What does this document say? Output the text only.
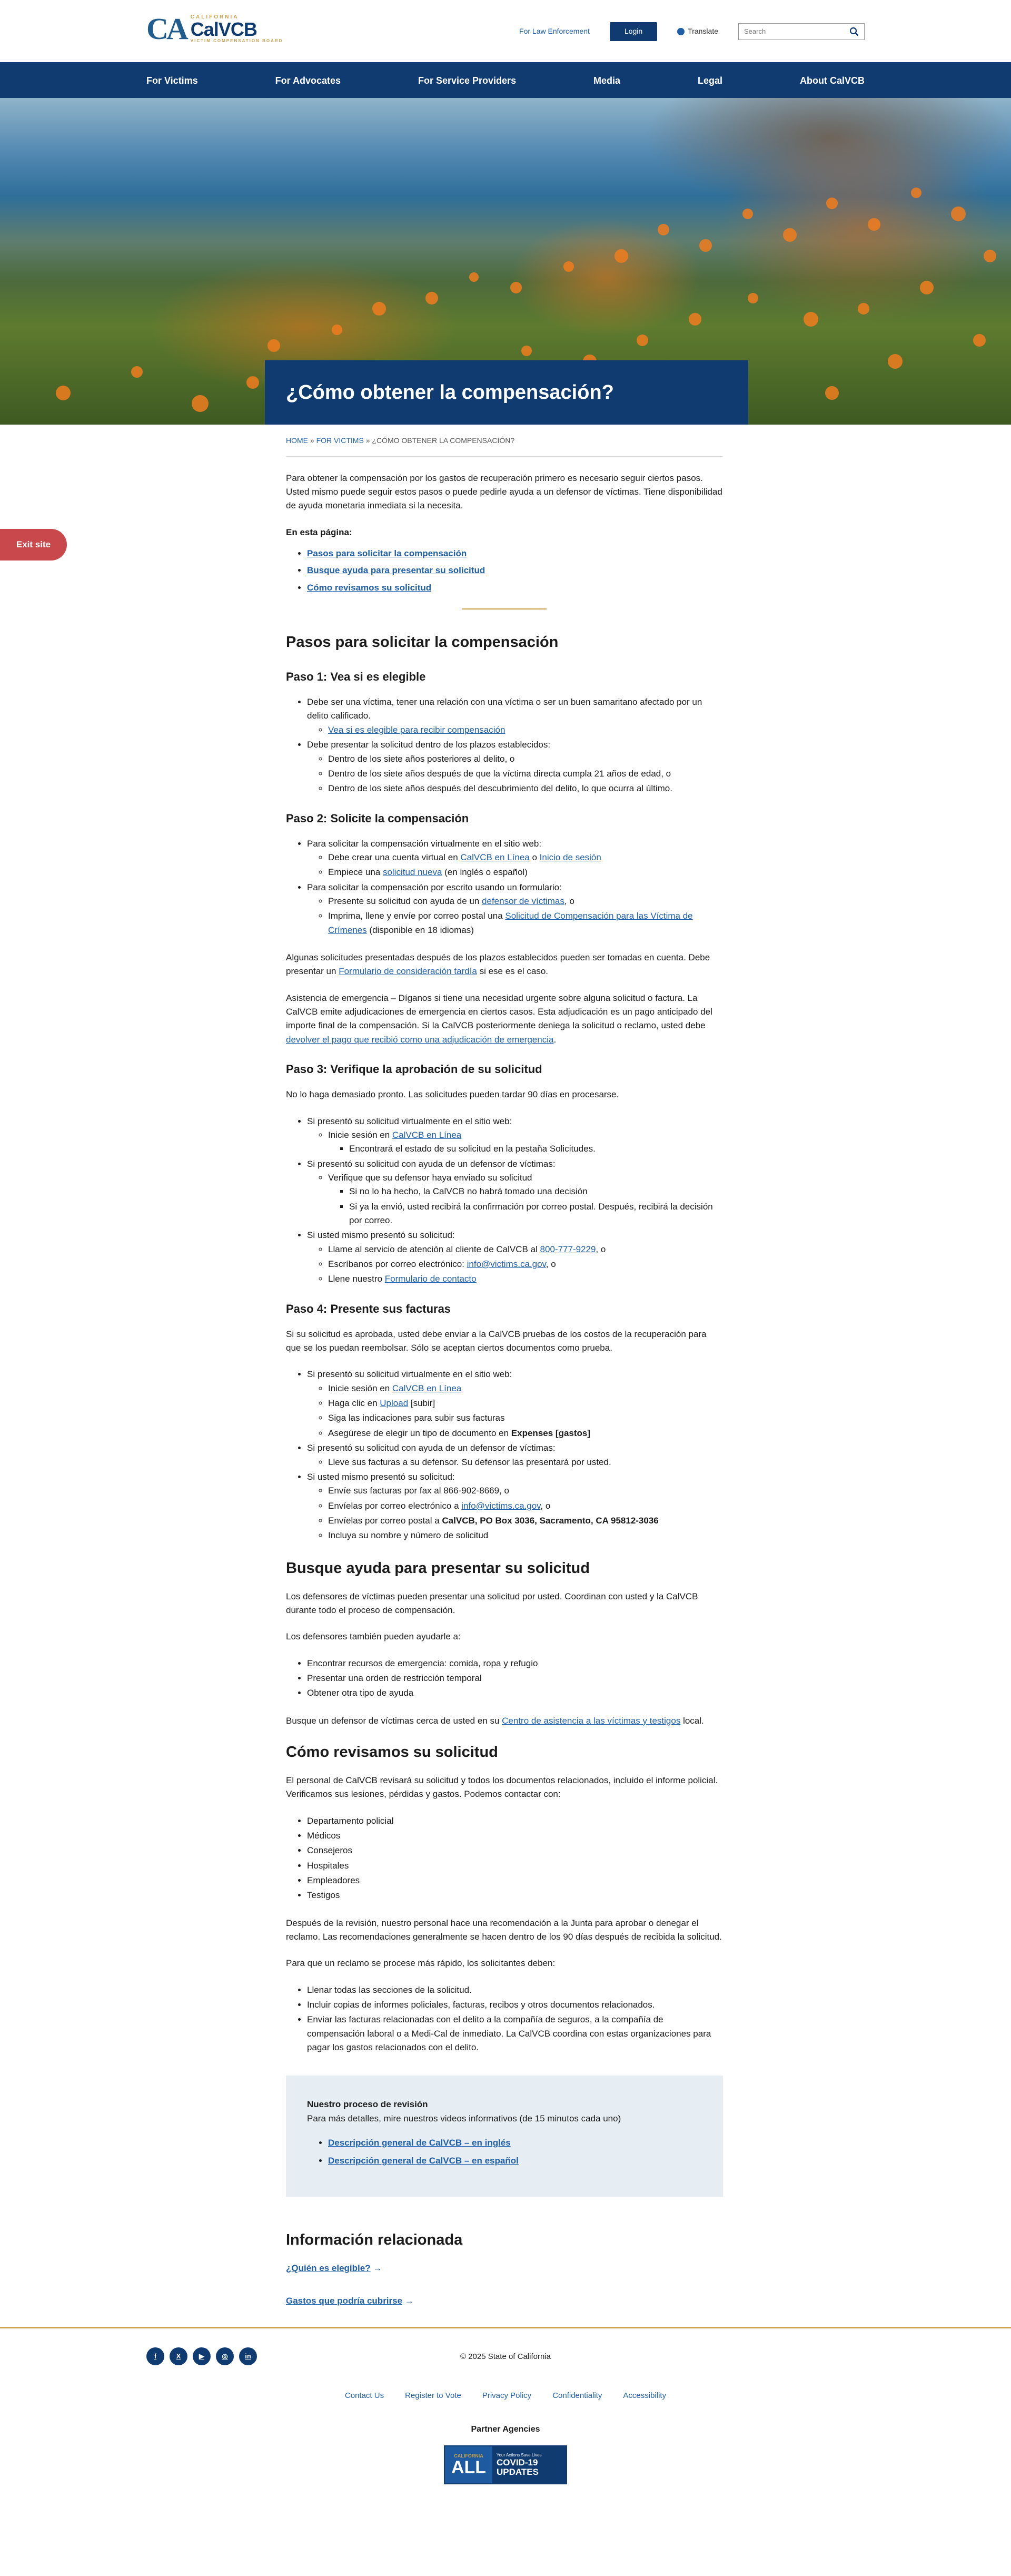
CA CALIFORNIA
CalVCB
VICTIM COMPENSATION BOARD
For Law Enforcement	Login	Translate
Search
For Victims	For Advocates	For Service Providers	Media	Legal	About CalVCB
¿Cómo obtener la compensación?
Exit site
HOME » FOR VICTIMS » ¿CÓMO OBTENER LA COMPENSACIÓN?

Para obtener la compensación por los gastos de recuperación primero es necesario seguir ciertos pasos. Usted mismo puede seguir estos pasos o puede pedirle ayuda a un defensor de víctimas. Tiene disponibilidad de ayuda monetaria inmediata si la necesita.

En esta página:

• Pasos para solicitar la compensación
• Busque ayuda para presentar su solicitud
• Cómo revisamos su solicitud
Pasos para solicitar la compensación
Paso 1: Vea si es elegible
• Debe ser una víctima, tener una relación con una víctima o ser un buen samaritano afectado por un delito calificado.
◦ Vea si es elegible para recibir compensación
• Debe presentar la solicitud dentro de los plazos establecidos:
◦ Dentro de los siete años posteriores al delito, o
◦ Dentro de los siete años después de que la víctima directa cumpla 21 años de edad, o
◦ Dentro de los siete años después del descubrimiento del delito, lo que ocurra al último.
Paso 2: Solicite la compensación
• Para solicitar la compensación virtualmente en el sitio web:
◦ Debe crear una cuenta virtual en CalVCB en Línea o Inicio de sesión
◦ Empiece una solicitud nueva (en inglés o español)
• Para solicitar la compensación por escrito usando un formulario:
◦ Presente su solicitud con ayuda de un defensor de víctimas, o
◦ Imprima, llene y envíe por correo postal una Solicitud de Compensación para las Víctima de Crímenes (disponible en 18 idiomas)

Algunas solicitudes presentadas después de los plazos establecidos pueden ser tomadas en cuenta. Debe presentar un Formulario de consideración tardía si ese es el caso.

Asistencia de emergencia – Díganos si tiene una necesidad urgente sobre alguna solicitud o factura. La CalVCB emite adjudicaciones de emergencia en ciertos casos. Esta adjudicación es un pago anticipado del importe final de la compensación. Si la CalVCB posteriormente deniega la solicitud o reclamo, usted debe devolver el pago que recibió como una adjudicación de emergencia.

Paso 3: Verifique la aprobación de su solicitud

No lo haga demasiado pronto. Las solicitudes pueden tardar 90 días en procesarse.

• Si presentó su solicitud virtualmente en el sitio web:
◦ Inicie sesión en CalVCB en Línea
▪ Encontrará el estado de su solicitud en la pestaña Solicitudes.
• Si presentó su solicitud con ayuda de un defensor de víctimas:
◦ Verifique que su defensor haya enviado su solicitud
▪ Si no lo ha hecho, la CalVCB no habrá tomado una decisión
▪ Si ya la envió, usted recibirá la confirmación por correo postal. Después, recibirá la decisión por correo.
• Si usted mismo presentó su solicitud:
◦ Llame al servicio de atención al cliente de CalVCB al 800-777-9229, o
◦ Escríbanos por correo electrónico: info@victims.ca.gov, o
◦ Llene nuestro Formulario de contacto
Paso 4: Presente sus facturas

Si su solicitud es aprobada, usted debe enviar a la CalVCB pruebas de los costos de la recuperación para que se los puedan reembolsar. Sólo se aceptan ciertos documentos como prueba.

• Si presentó su solicitud virtualmente en el sitio web:
◦ Inicie sesión en CalVCB en Línea
◦ Haga clic en Upload [subir]
◦ Siga las indicaciones para subir sus facturas
◦ Asegúrese de elegir un tipo de documento en Expenses [gastos]
• Si presentó su solicitud con ayuda de un defensor de víctimas:
◦ Lleve sus facturas a su defensor. Su defensor las presentará por usted.
• Si usted mismo presentó su solicitud:
◦ Envíe sus facturas por fax al 866-902-8669, o
◦ Envíelas por correo electrónico a info@victims.ca.gov, o
◦ Envíelas por correo postal a CalVCB, PO Box 3036, Sacramento, CA 95812-3036
◦ Incluya su nombre y número de solicitud
Busque ayuda para presentar su solicitud

Los defensores de víctimas pueden presentar una solicitud por usted. Coordinan con usted y la CalVCB durante todo el proceso de compensación.

Los defensores también pueden ayudarle a:

• Encontrar recursos de emergencia: comida, ropa y refugio
• Presentar una orden de restricción temporal
• Obtener otra tipo de ayuda

Busque un defensor de víctimas cerca de usted en su Centro de asistencia a las víctimas y testigos local.

Cómo revisamos su solicitud

El personal de CalVCB revisará su solicitud y todos los documentos relacionados, incluido el informe policial. Verificamos sus lesiones, pérdidas y gastos. Podemos contactar con:

• Departamento policial
• Médicos
• Consejeros
• Hospitales
• Empleadores
• Testigos

Después de la revisión, nuestro personal hace una recomendación a la Junta para aprobar o denegar el reclamo. Las recomendaciones generalmente se hacen dentro de los 90 días después de recibida la solicitud.

Para que un reclamo se procese más rápido, los solicitantes deben:

• Llenar todas las secciones de la solicitud.
• Incluir copias de informes policiales, facturas, recibos y otros documentos relacionados.
• Enviar las facturas relacionadas con el delito a la compañía de seguros, a la compañía de compensación laboral o a Medi-Cal de inmediato. La CalVCB coordina con estas organizaciones para pagar los gastos relacionados con el delito.

Nuestro proceso de revisión

Para más detalles, mire nuestros videos informativos (de 15 minutos cada uno)

• Descripción general de CalVCB – en inglés
• Descripción general de CalVCB – en español
Información relacionada
¿Quién es elegible? →
Gastos que podría cubrirse →
f	X	▶	◎	in	© 2025 State of California
Contact Us	Register to Vote	Privacy Policy	Confidentiality	Accessibility
Partner Agencies
CALIFORNIA
ALL
Your Actions Save Lives
COVID-19
UPDATES
